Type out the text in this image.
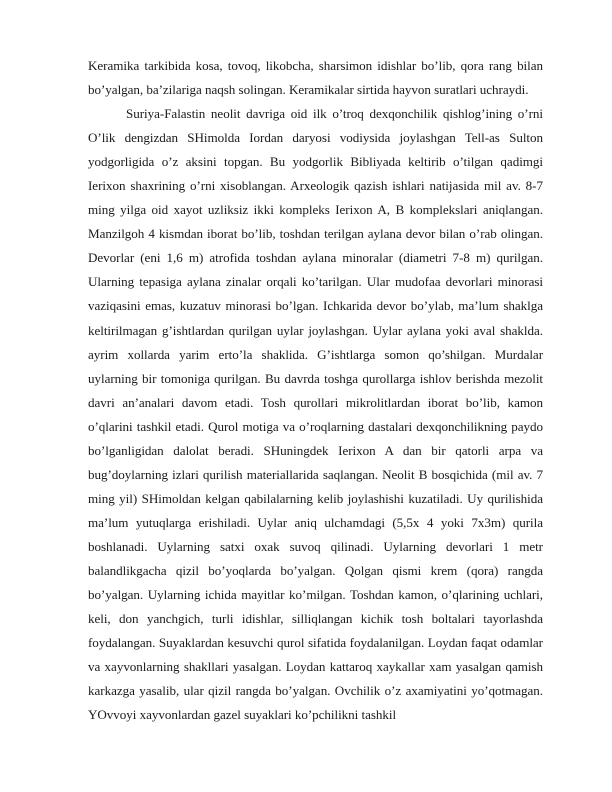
Keramika tarkibida kosa, tovoq, likobcha, sharsimon idishlar bo’lib, qora rang bilan bo’yalgan, ba’zilariga naqsh solingan. Keramikalar sirtida hayvon suratlari uchraydi.

Suriya-Falastin neolit davriga oid ilk o’troq dexqonchilik qishlog’ining o’rni O’lik dengizdan SHimolda Iordan daryosi vodiysida joylashgan Tell-as Sulton yodgorligida o’z aksini topgan. Bu yodgorlik Bibliyada keltirib o’tilgan qadimgi Ierixon shaxrining o’rni xisoblangan. Arxeologik qazish ishlari natijasida mil av. 8-7 ming yilga oid xayot uzliksiz ikki kompleks Ierixon A, B komplekslari aniqlangan. Manzilgoh 4 kismdan iborat bo’lib, toshdan terilgan aylana devor bilan o’rab olingan. Devorlar (eni 1,6 m) atrofida toshdan aylana minoralar (diametri 7-8 m) qurilgan. Ularning tepasiga aylana zinalar orqali ko’tarilgan. Ular mudofaa devorlari minorasi vaziqasini emas, kuzatuv minorasi bo’lgan. Ichkarida devor bo’ylab, ma’lum shaklga keltirilmagan g’ishtlardan qurilgan uylar joylashgan. Uylar aylana yoki aval shaklda. ayrim xollarda yarim erto’la shaklida. G’ishtlarga somon qo’shilgan. Murdalar uylarning bir tomoniga qurilgan. Bu davrda toshga qurollarga ishlov berishda mezolit davri an’analari davom etadi. Tosh qurollari mikrolitlardan iborat bo’lib, kamon o’qlarini tashkil etadi. Qurol motiga va o’roqlarning dastalari dexqonchilikning paydo bo’lganligidan dalolat beradi. SHuningdek Ierixon A dan bir qatorli arpa va bug’doylarning izlari qurilish materiallarida saqlangan. Neolit B bosqichida (mil av. 7 ming yil) SHimoldan kelgan qabilalarning kelib joylashishi kuzatiladi. Uy qurilishida ma’lum yutuqlarga erishiladi. Uylar aniq ulchamdagi (5,5x 4 yoki 7x3m) qurila boshlanadi. Uylarning satxi oxak suvoq qilinadi. Uylarning devorlari 1 metr balandlikgacha qizil bo’yoqlarda bo’yalgan. Qolgan qismi krem (qora) rangda bo’yalgan. Uylarning ichida mayitlar ko’milgan. Toshdan kamon, o’qlarining uchlari, keli, don yanchgich, turli idishlar, silliqlangan kichik tosh boltalari tayorlashda foydalangan. Suyaklardan kesuvchi qurol sifatida foydalanilgan. Loydan faqat odamlar va xayvonlarning shakllari yasalgan. Loydan kattaroq xaykallar xam yasalgan qamish karkazga yasalib, ular qizil rangda bo’yalgan. Ovchilik o’z axamiyatini yo’qotmagan. YOvvoyi xayvonlardan gazel suyaklari ko’pchilikni tashkil
